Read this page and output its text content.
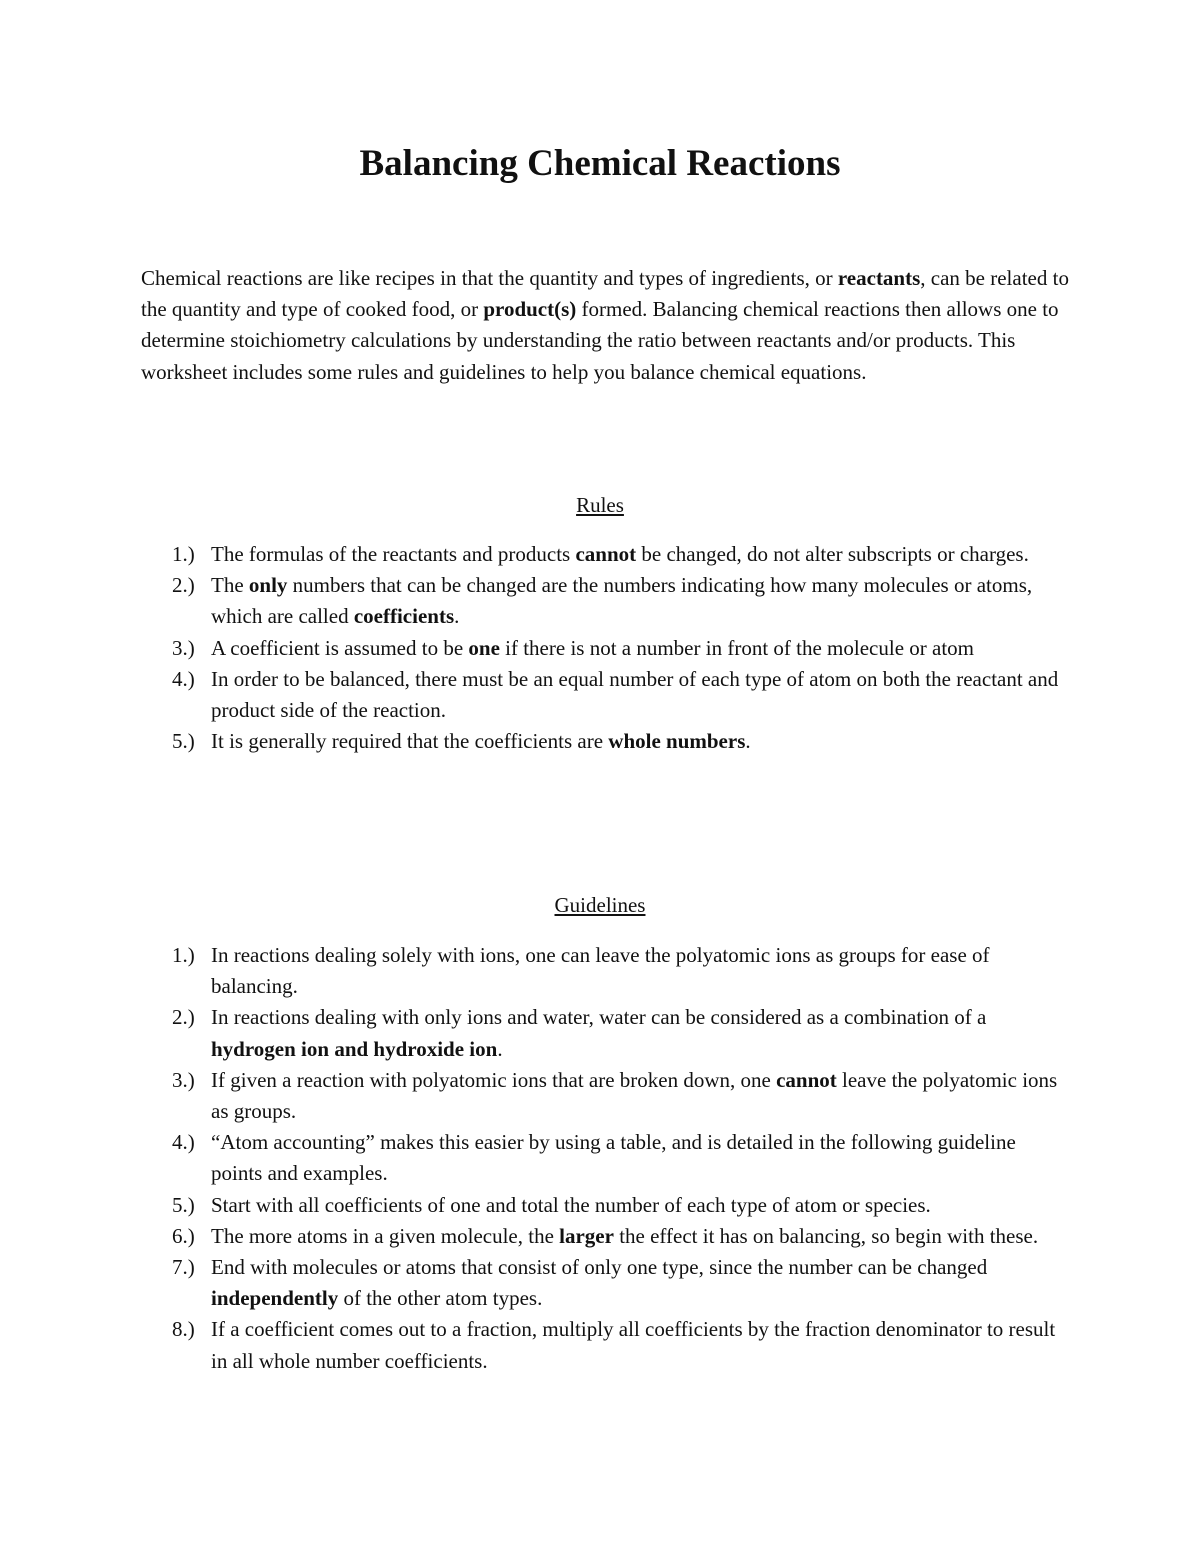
Balancing Chemical Reactions

Chemical reactions are like recipes in that the quantity and types of ingredients, or reactants, can be related to the quantity and type of cooked food, or product(s) formed. Balancing chemical reactions then allows one to determine stoichiometry calculations by understanding the ratio between reactants and/or products. This worksheet includes some rules and guidelines to help you balance chemical equations.

Rules
1.) The formulas of the reactants and products cannot be changed, do not alter subscripts or charges.
2.) The only numbers that can be changed are the numbers indicating how many molecules or atoms, which are called coefficients.
3.) A coefficient is assumed to be one if there is not a number in front of the molecule or atom
4.) In order to be balanced, there must be an equal number of each type of atom on both the reactant and product side of the reaction.
5.) It is generally required that the coefficients are whole numbers.
Guidelines
1.) In reactions dealing solely with ions, one can leave the polyatomic ions as groups for ease of balancing.
2.) In reactions dealing with only ions and water, water can be considered as a combination of a hydrogen ion and hydroxide ion.
3.) If given a reaction with polyatomic ions that are broken down, one cannot leave the polyatomic ions as groups.
4.) “Atom accounting” makes this easier by using a table, and is detailed in the following guideline points and examples.
5.) Start with all coefficients of one and total the number of each type of atom or species.
6.) The more atoms in a given molecule, the larger the effect it has on balancing, so begin with these.
7.) End with molecules or atoms that consist of only one type, since the number can be changed independently of the other atom types.
8.) If a coefficient comes out to a fraction, multiply all coefficients by the fraction denominator to result in all whole number coefficients.
